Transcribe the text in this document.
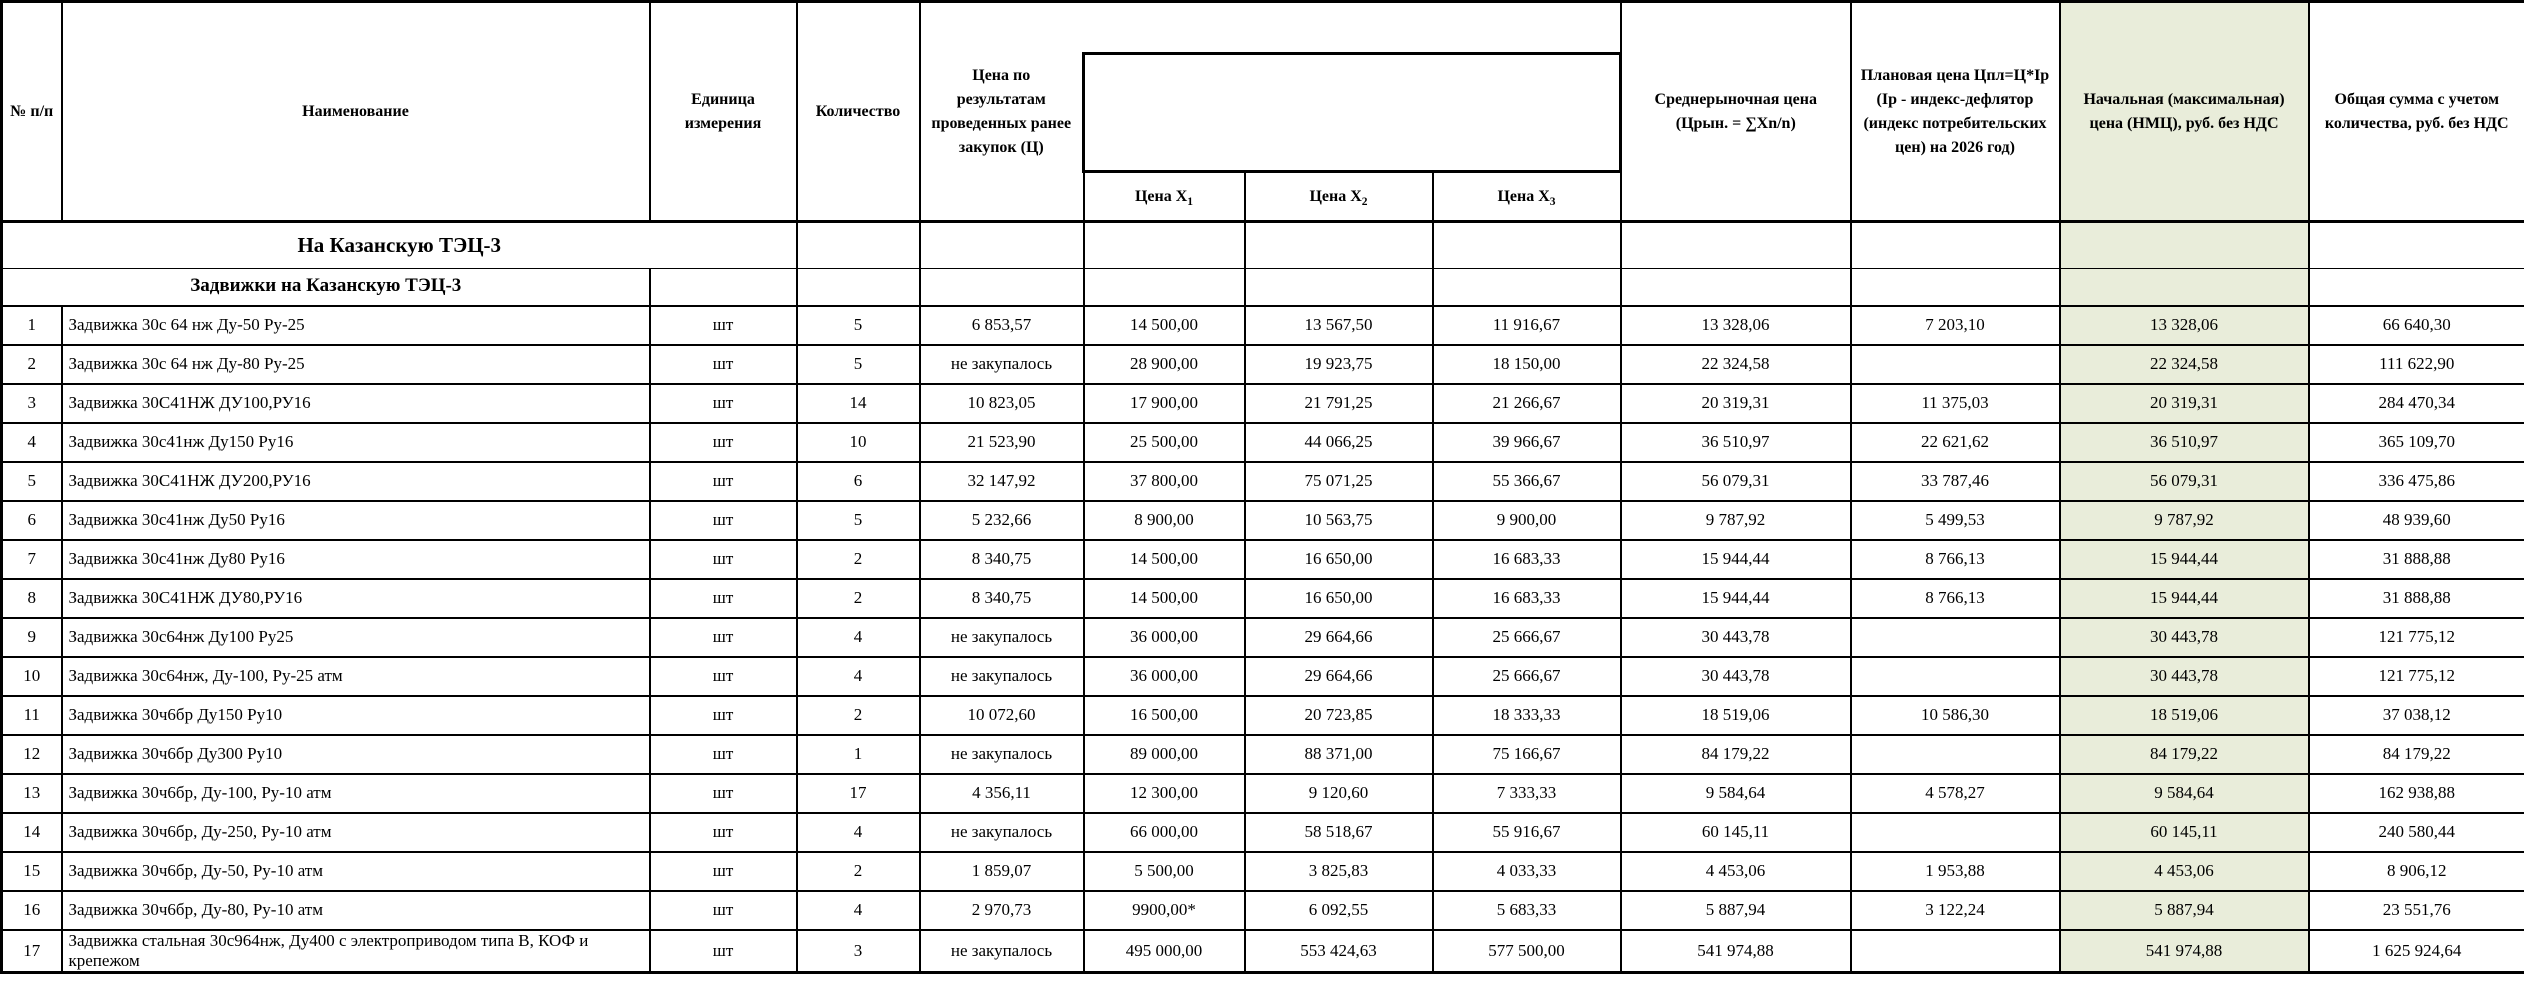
№ п/п	Наименование	Единица измерения	Количество	Цена по результатам проведенных ранее закупок (Ц)				Среднерыночная цена (Црын. = ∑Xn/n)	Плановая цена Цпл=Ц*Ip (Ip - индекс-дефлятор (индекс потребительских цен) на 2026 год)	Начальная (максимальная) цена (НМЦ), руб. без НДС	Общая сумма с учетом количества, руб. без НДС

					Цена $X_1$	Цена $X_2$	Цена $X_3$
На Казанскую ТЭЦ-3											
Задвижки на Казанскую ТЭЦ-3											
1	Задвижка 30с 64 нж Ду-50 Ру-25	шт	5	6 853,57	14 500,00	13 567,50	11 916,67	13 328,06	7 203,10	13 328,06	66 640,30
2	Задвижка 30с 64 нж Ду-80 Ру-25	шт	5	не закупалось	28 900,00	19 923,75	18 150,00	22 324,58		22 324,58	111 622,90
3	Задвижка 30С41НЖ ДУ100,РУ16	шт	14	10 823,05	17 900,00	21 791,25	21 266,67	20 319,31	11 375,03	20 319,31	284 470,34
4	Задвижка 30с41нж Ду150 Ру16	шт	10	21 523,90	25 500,00	44 066,25	39 966,67	36 510,97	22 621,62	36 510,97	365 109,70
5	Задвижка 30С41НЖ ДУ200,РУ16	шт	6	32 147,92	37 800,00	75 071,25	55 366,67	56 079,31	33 787,46	56 079,31	336 475,86
6	Задвижка 30с41нж Ду50 Ру16	шт	5	5 232,66	8 900,00	10 563,75	9 900,00	9 787,92	5 499,53	9 787,92	48 939,60
7	Задвижка 30с41нж Ду80 Ру16	шт	2	8 340,75	14 500,00	16 650,00	16 683,33	15 944,44	8 766,13	15 944,44	31 888,88
8	Задвижка 30С41НЖ ДУ80,РУ16	шт	2	8 340,75	14 500,00	16 650,00	16 683,33	15 944,44	8 766,13	15 944,44	31 888,88
9	Задвижка 30с64нж Ду100 Ру25	шт	4	не закупалось	36 000,00	29 664,66	25 666,67	30 443,78		30 443,78	121 775,12
10	Задвижка 30с64нж, Ду-100, Ру-25 атм	шт	4	не закупалось	36 000,00	29 664,66	25 666,67	30 443,78		30 443,78	121 775,12
11	Задвижка 30ч6бр Ду150 Ру10	шт	2	10 072,60	16 500,00	20 723,85	18 333,33	18 519,06	10 586,30	18 519,06	37 038,12
12	Задвижка 30ч6бр Ду300 Ру10	шт	1	не закупалось	89 000,00	88 371,00	75 166,67	84 179,22		84 179,22	84 179,22
13	Задвижка 30ч6бр, Ду-100, Ру-10 атм	шт	17	4 356,11	12 300,00	9 120,60	7 333,33	9 584,64	4 578,27	9 584,64	162 938,88
14	Задвижка 30ч6бр, Ду-250, Ру-10 атм	шт	4	не закупалось	66 000,00	58 518,67	55 916,67	60 145,11		60 145,11	240 580,44
15	Задвижка 30ч6бр, Ду-50, Ру-10 атм	шт	2	1 859,07	5 500,00	3 825,83	4 033,33	4 453,06	1 953,88	4 453,06	8 906,12
16	Задвижка 30ч6бр, Ду-80, Ру-10 атм	шт	4	2 970,73	9900,00*	6 092,55	5 683,33	5 887,94	3 122,24	5 887,94	23 551,76
17	Задвижка стальная 30с964нж, Ду400 с электроприводом типа В, КОФ и крепежом	шт	3	не закупалось	495 000,00	553 424,63	577 500,00	541 974,88		541 974,88	1 625 924,64
